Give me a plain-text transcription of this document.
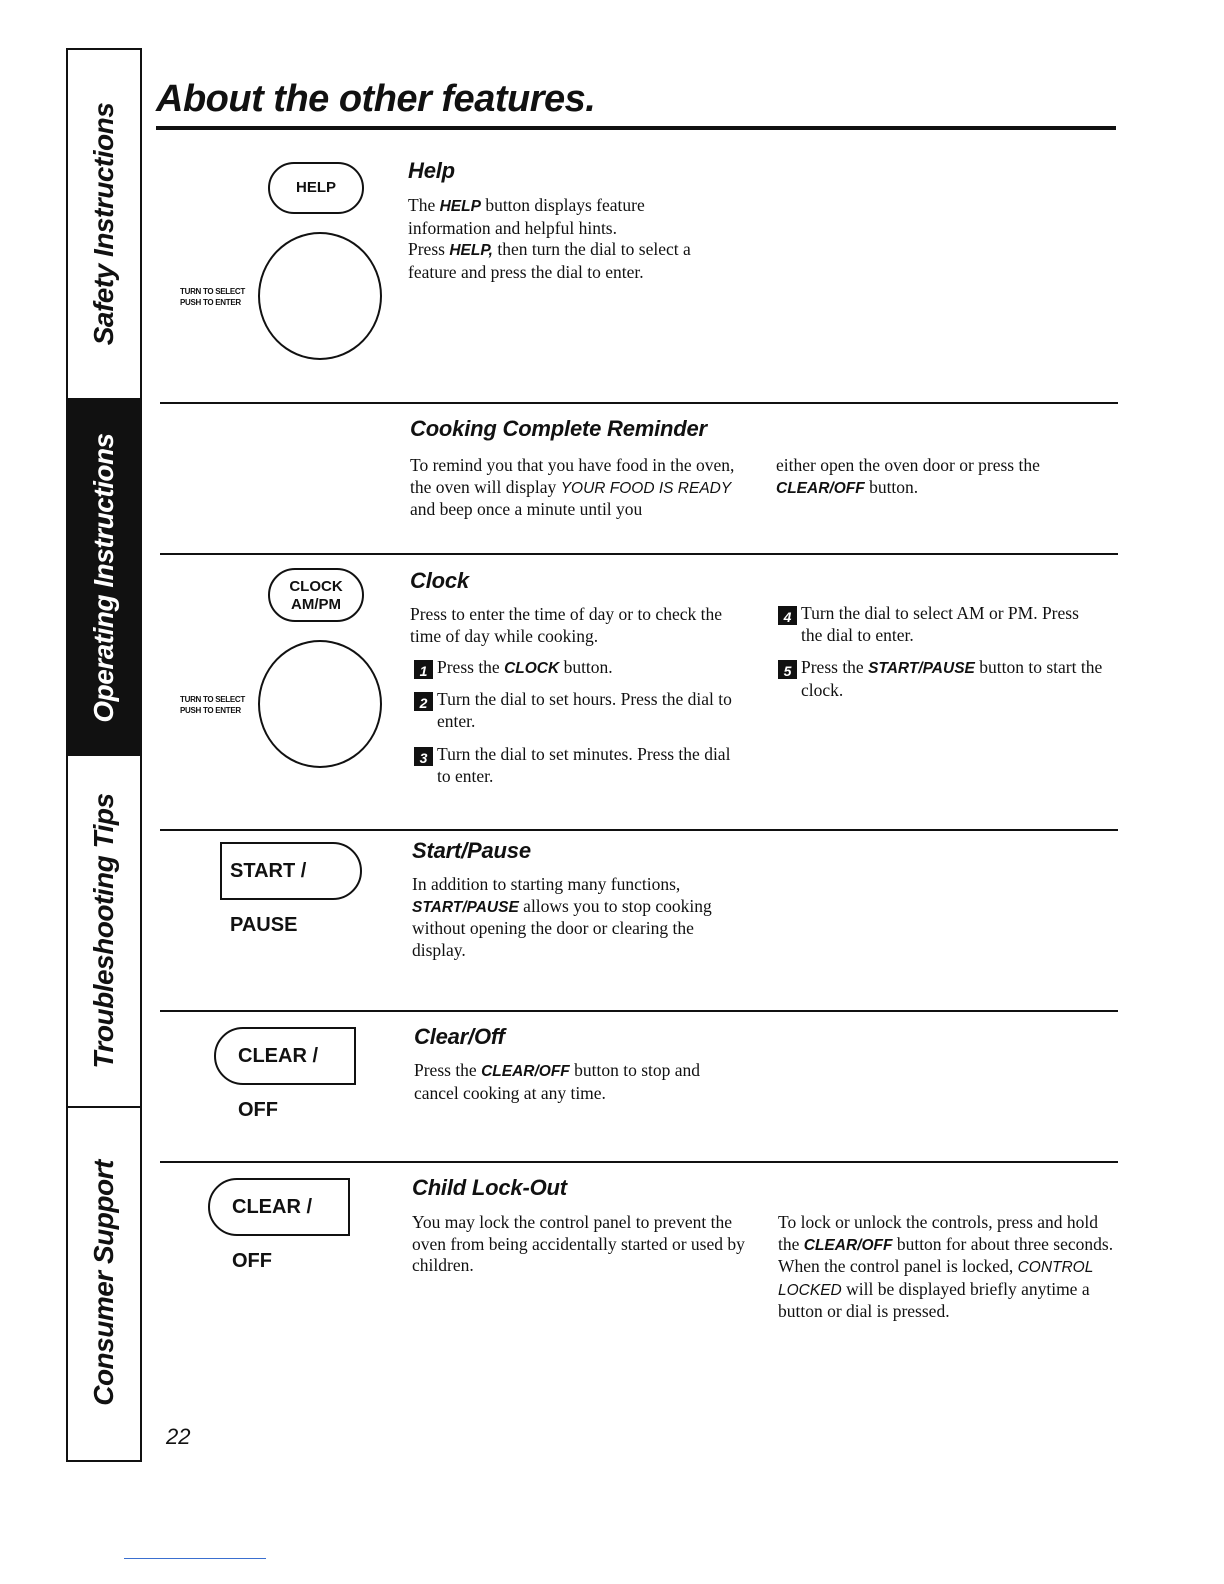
Safety Instructions
Operating Instructions
Troubleshooting Tips
Consumer Support
About the other features.
HELP
TURN TO SELECT
PUSH TO ENTER
Help
The HELP button displays feature information and helpful hints.
Press HELP, then turn the dial to select a feature and press the dial to enter.
Cooking Complete Reminder
To remind you that you have food in the oven, the oven will display YOUR FOOD IS READY and beep once a minute until you
either open the oven door or press the CLEAR/OFF button.
CLOCK
AM/PM
TURN TO SELECT
PUSH TO ENTER
Clock
Press to enter the time of day or to check the time of day while cooking.
1 Press the CLOCK button.
2 Turn the dial to set hours. Press the dial to enter.
3 Turn the dial to set minutes. Press the dial to enter.
4 Turn the dial to select AM or PM. Press the dial to enter.
5 Press the START/PAUSE button to start the clock.
START / PAUSE
Start/Pause
In addition to starting many functions, START/PAUSE allows you to stop cooking without opening the door or clearing the display.
CLEAR / OFF
Clear/Off
Press the CLEAR/OFF button to stop and cancel cooking at any time.
CLEAR / OFF
Child Lock-Out
You may lock the control panel to prevent the oven from being accidentally started or used by children.
To lock or unlock the controls, press and hold the CLEAR/OFF button for about three seconds. When the control panel is locked, CONTROL LOCKED will be displayed briefly anytime a button or dial is pressed.
22
